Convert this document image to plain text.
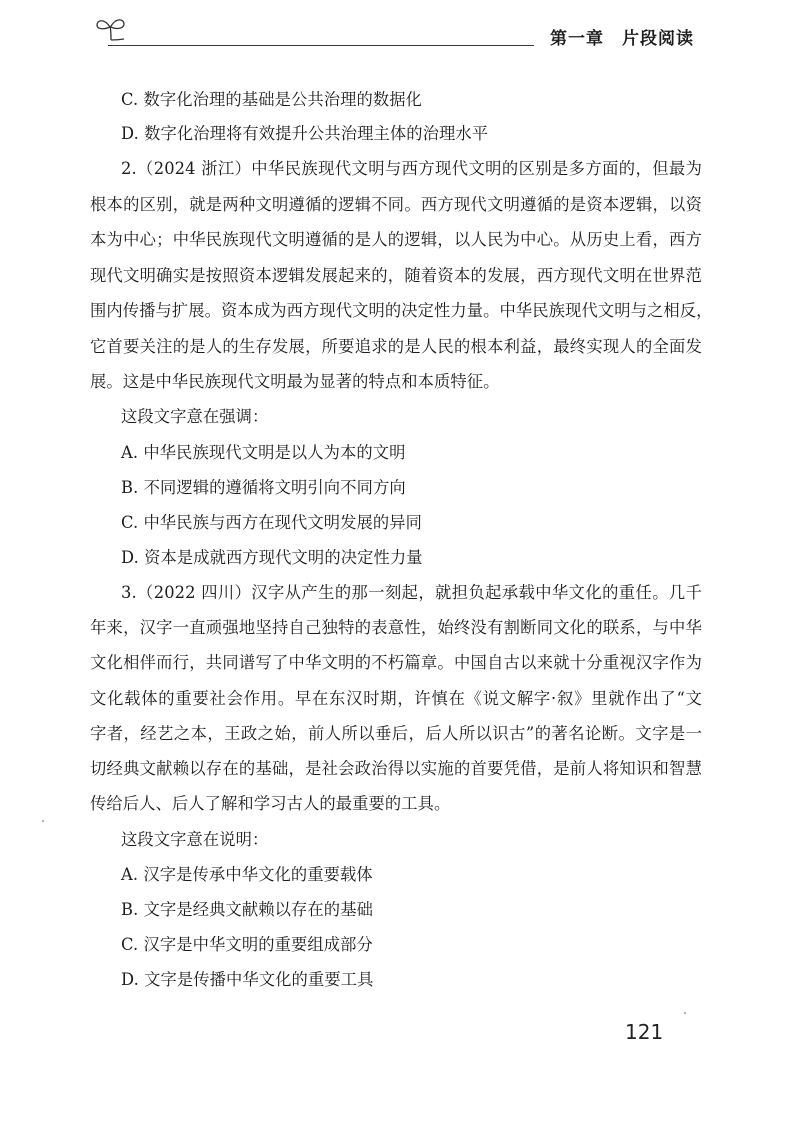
第一章 片段阅读
C. 数字化治理的基础是公共治理的数据化
D. 数字化治理将有效提升公共治理主体的治理水平
2.（2024 浙江）中华民族现代文明与西方现代文明的区别是多方面的，但最为
根本的区别，就是两种文明遵循的逻辑不同。西方现代文明遵循的是资本逻辑，以资
本为中心；中华民族现代文明遵循的是人的逻辑，以人民为中心。从历史上看，西方
现代文明确实是按照资本逻辑发展起来的，随着资本的发展，西方现代文明在世界范
围内传播与扩展。资本成为西方现代文明的决定性力量。中华民族现代文明与之相反，
它首要关注的是人的生存发展，所要追求的是人民的根本利益，最终实现人的全面发
展。这是中华民族现代文明最为显著的特点和本质特征。
这段文字意在强调：
A. 中华民族现代文明是以人为本的文明
B. 不同逻辑的遵循将文明引向不同方向
C. 中华民族与西方在现代文明发展的异同
D. 资本是成就西方现代文明的决定性力量
3.（2022 四川）汉字从产生的那一刻起，就担负起承载中华文化的重任。几千
年来，汉字一直顽强地坚持自己独特的表意性，始终没有割断同文化的联系，与中华
文化相伴而行，共同谱写了中华文明的不朽篇章。中国自古以来就十分重视汉字作为
文化载体的重要社会作用。早在东汉时期，许慎在《说文解字·叙》里就作出了“文
字者，经艺之本，王政之始，前人所以垂后，后人所以识古”的著名论断。文字是一
切经典文献赖以存在的基础，是社会政治得以实施的首要凭借，是前人将知识和智慧
传给后人、后人了解和学习古人的最重要的工具。
这段文字意在说明：
A. 汉字是传承中华文化的重要载体
B. 文字是经典文献赖以存在的基础
C. 汉字是中华文明的重要组成部分
D. 文字是传播中华文化的重要工具
121
